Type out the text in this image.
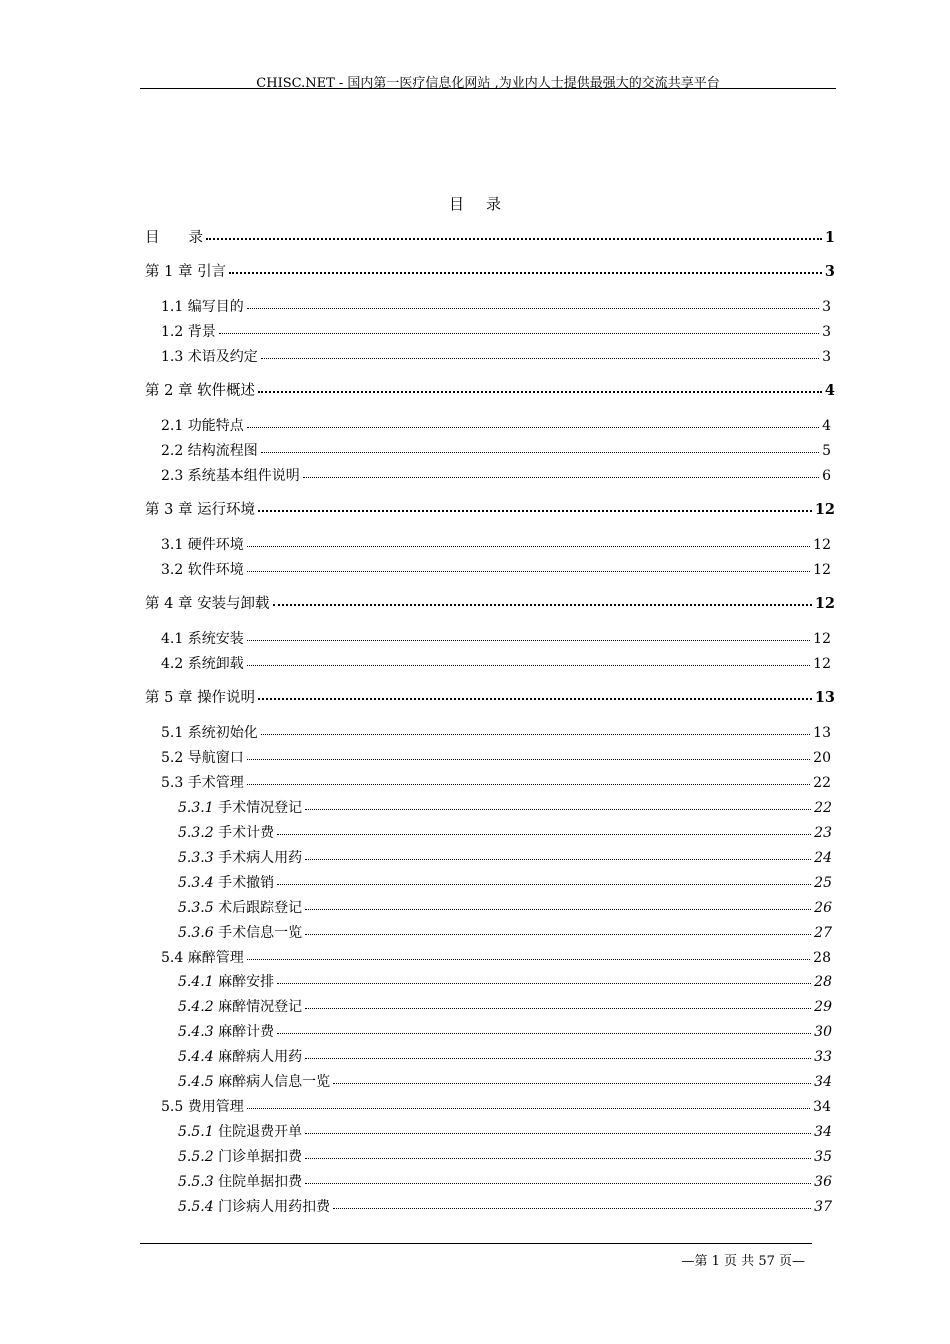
CHISC.NET - 国内第一医疗信息化网站 ,为业内人士提供最强大的交流共享平台
目录
目　　 录	1
第 1 章 引言	3
1.1 编写目的	3
1.2 背景	3
1.3 术语及约定	3
第 2 章 软件概述	4
2.1 功能特点	4
2.2 结构流程图	5
2.3 系统基本组件说明	6
第 3 章 运行环境	12
3.1 硬件环境	12
3.2 软件环境	12
第 4 章 安装与卸载	12
4.1 系统安装	12
4.2 系统卸载	12
第 5 章 操作说明	13
5.1 系统初始化	13
5.2 导航窗口	20
5.3 手术管理	22
5.3.1 手术情况登记	22
5.3.2 手术计费	23
5.3.3 手术病人用药	24
5.3.4 手术撤销	25
5.3.5 术后跟踪登记	26
5.3.6 手术信息一览	27
5.4 麻醉管理	28
5.4.1 麻醉安排	28
5.4.2 麻醉情况登记	29
5.4.3 麻醉计费	30
5.4.4 麻醉病人用药	33
5.4.5 麻醉病人信息一览	34
5.5 费用管理	34
5.5.1 住院退费开单	34
5.5.2 门诊单据扣费	35
5.5.3 住院单据扣费	36
5.5.4 门诊病人用药扣费	37
—第 1 页 共 57 页—
